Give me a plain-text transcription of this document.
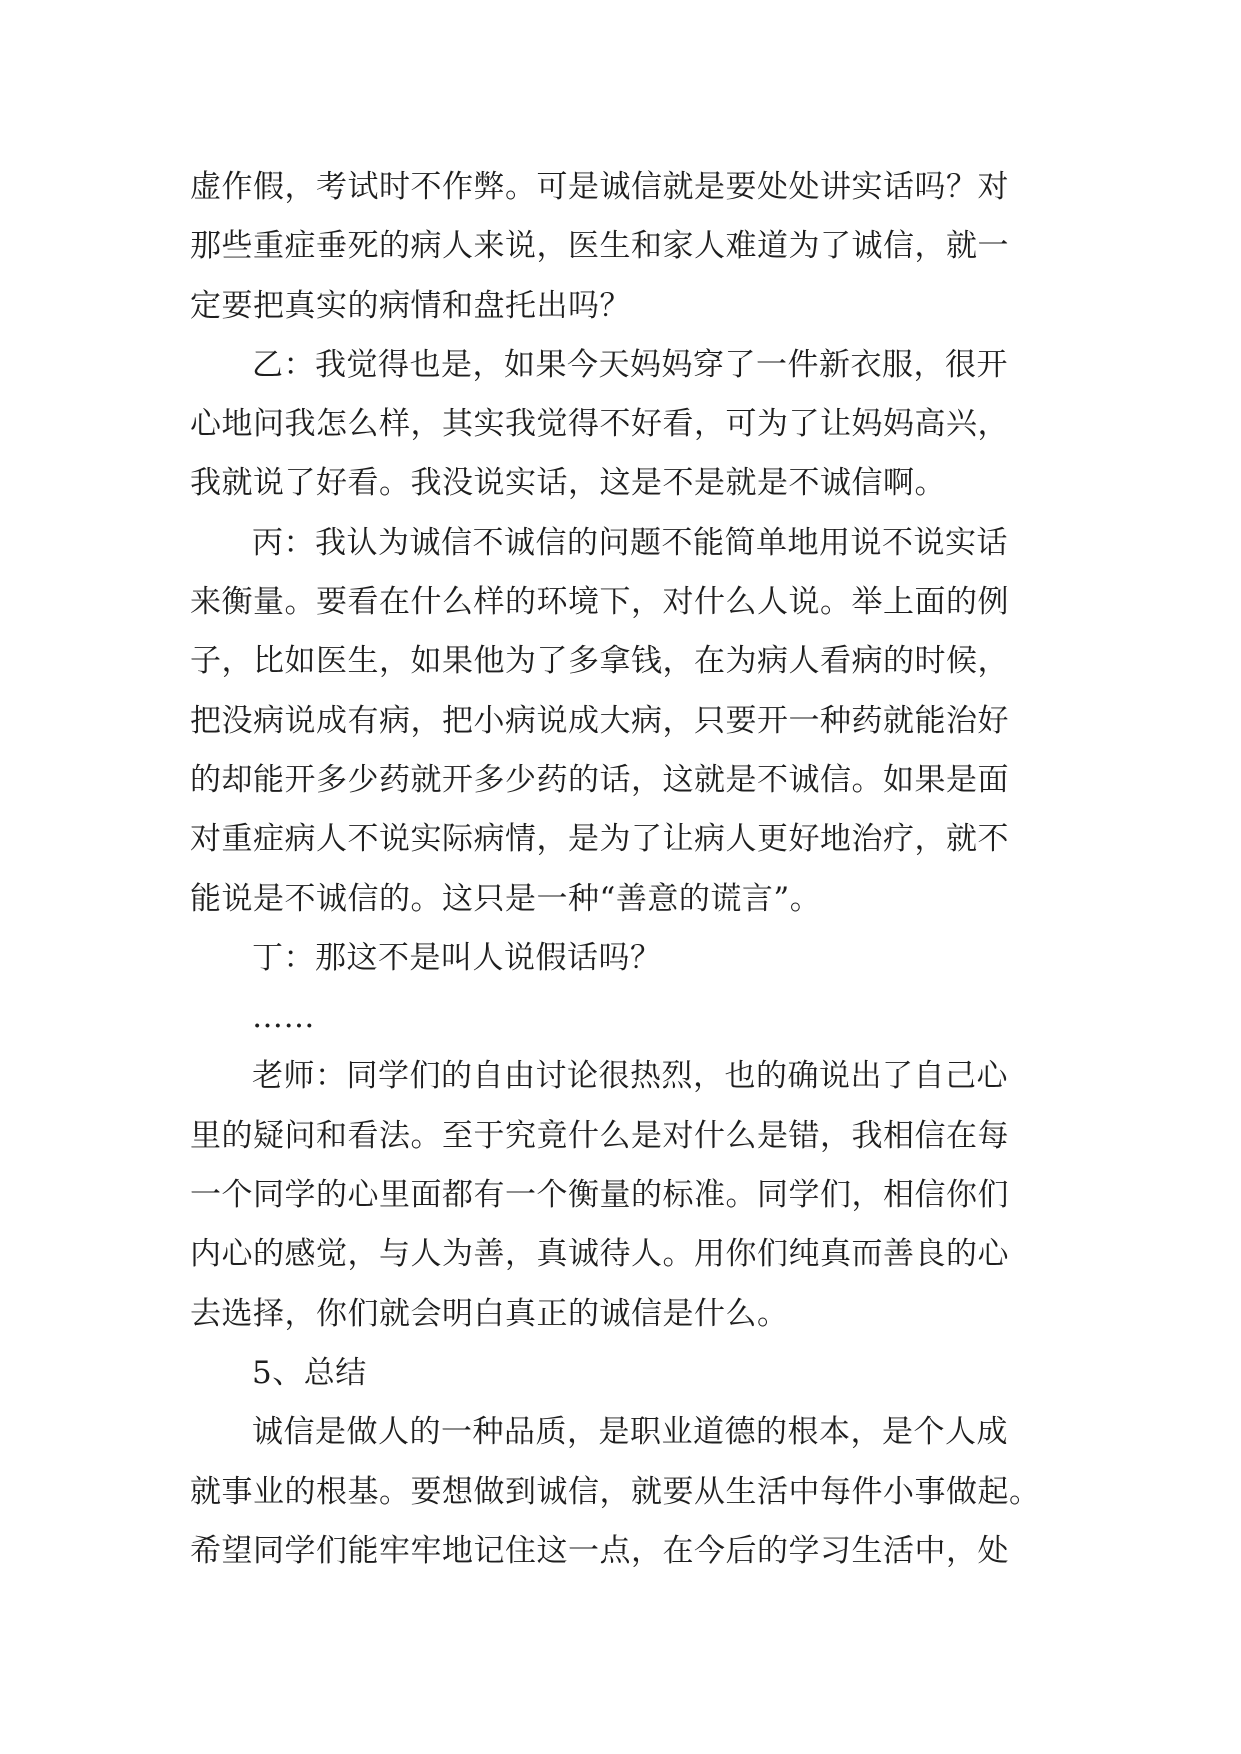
虚作假，考试时不作弊。可是诚信就是要处处讲实话吗？对
那些重症垂死的病人来说，医生和家人难道为了诚信，就一
定要把真实的病情和盘托出吗？
乙：我觉得也是，如果今天妈妈穿了一件新衣服，很开
心地问我怎么样，其实我觉得不好看，可为了让妈妈高兴，
我就说了好看。我没说实话，这是不是就是不诚信啊。
丙：我认为诚信不诚信的问题不能简单地用说不说实话
来衡量。要看在什么样的环境下，对什么人说。举上面的例
子，比如医生，如果他为了多拿钱，在为病人看病的时候，
把没病说成有病，把小病说成大病，只要开一种药就能治好
的却能开多少药就开多少药的话，这就是不诚信。如果是面
对重症病人不说实际病情，是为了让病人更好地治疗，就不
能说是不诚信的。这只是一种“善意的谎言”。
丁：那这不是叫人说假话吗？
……
老师：同学们的自由讨论很热烈，也的确说出了自己心
里的疑问和看法。至于究竟什么是对什么是错，我相信在每
一个同学的心里面都有一个衡量的标准。同学们，相信你们
内心的感觉，与人为善，真诚待人。用你们纯真而善良的心
去选择，你们就会明白真正的诚信是什么。
5、总结
诚信是做人的一种品质，是职业道德的根本，是个人成
就事业的根基。要想做到诚信，就要从生活中每件小事做起。
希望同学们能牢牢地记住这一点，在今后的学习生活中，处
